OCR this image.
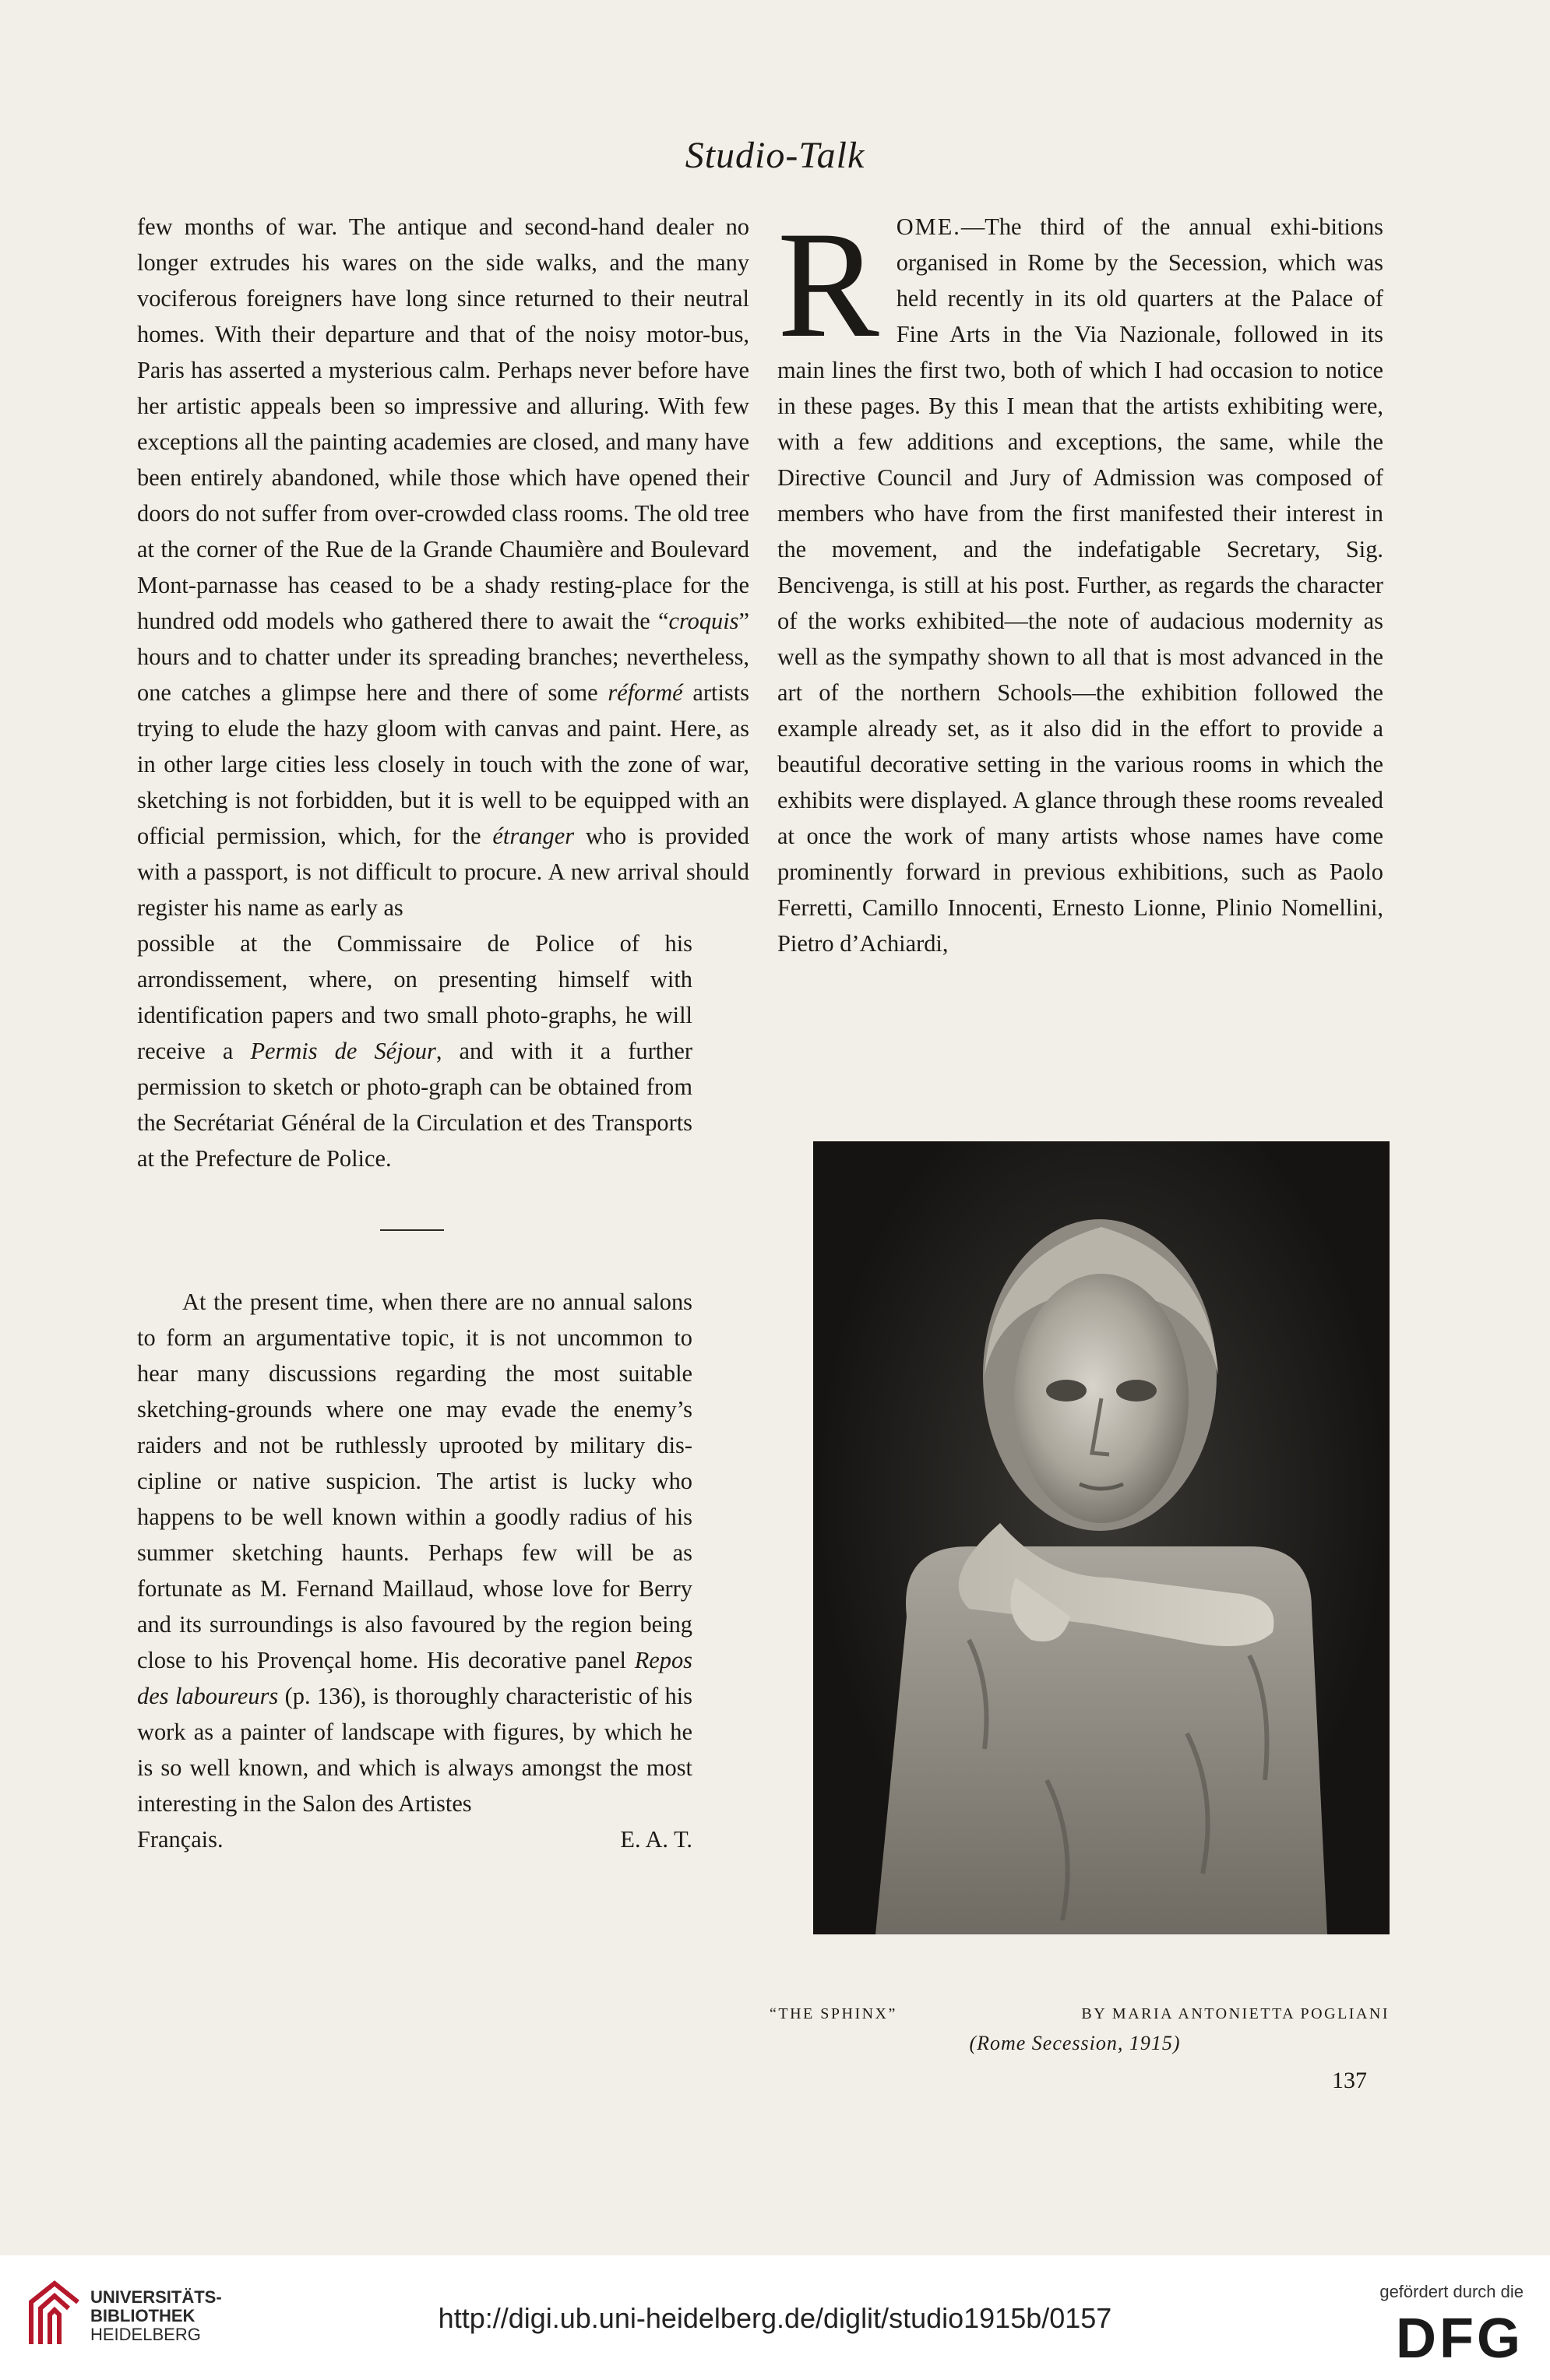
Studio-Talk

few months of war. The antique and second-hand dealer no longer extrudes his wares on the side walks, and the many vociferous foreigners have long since returned to their neutral homes. With their departure and that of the noisy motor-bus, Paris has asserted a mysterious calm. Perhaps never before have her artistic appeals been so impressive and alluring. With few exceptions all the painting academies are closed, and many have been entirely abandoned, while those which have opened their doors do not suffer from over-crowded class rooms. The old tree at the corner of the Rue de la Grande Chaumière and Boulevard Mont-parnasse has ceased to be a shady resting-place for the hundred odd models who gathered there to await the “croquis” hours and to chatter under its spreading branches; nevertheless, one catches a glimpse here and there of some réformé artists trying to elude the hazy gloom with canvas and paint. Here, as in other large cities less closely in touch with the zone of war, sketching is not forbidden, but it is well to be equipped with an official permission, which, for the étranger who is provided with a passport, is not difficult to procure. A new arrival should register his name as early as

possible at the Commissaire de Police of his arrondissement, where, on presenting himself with identification papers and two small photo-graphs, he will receive a Permis de Séjour, and with it a further permission to sketch or photo-graph can be obtained from the Secrétariat Général de la Circulation et des Transports at the Prefecture de Police.

At the present time, when there are no annual salons to form an argumentative topic, it is not uncommon to hear many discussions regarding the most suitable sketching-grounds where one may evade the enemy’s raiders and not be ruthlessly uprooted by military dis-cipline or native suspicion. The artist is lucky who happens to be well known within a goodly radius of his summer sketching haunts. Perhaps few will be as fortunate as M. Fernand Maillaud, whose love for Berry and its surroundings is also favoured by the region being close to his Provençal home. His decorative panel Repos des laboureurs (p. 136), is thoroughly characteristic of his work as a painter of landscape with figures, by which he is so well known, and which is always amongst the most interesting in the Salon des Artistes

Français.	E. A. T.

ROME.—The third of the annual exhi-bitions organised in Rome by the Secession, which was held recently in its old quarters at the Palace of Fine Arts in the Via Nazionale, followed in its main lines the first two, both of which I had occasion to notice in these pages. By this I mean that the artists exhibiting were, with a few additions and exceptions, the same, while the Directive Council and Jury of Admission was composed of members who have from the first manifested their interest in the movement, and the indefatigable Secretary, Sig. Bencivenga, is still at his post. Further, as regards the character of the works exhibited—the note of audacious modernity as well as the sympathy shown to all that is most advanced in the art of the northern Schools—the exhibition followed the example already set, as it also did in the effort to provide a beautiful decorative setting in the various rooms in which the exhibits were displayed. A glance through these rooms revealed at once the work of many artists whose names have come prominently forward in previous exhibitions, such as Paolo Ferretti, Camillo Innocenti, Ernesto Lionne, Plinio Nomellini, Pietro d’Achiardi,

“THE SPHINX”	BY MARIA ANTONIETTA POGLIANI
(Rome Secession, 1915)
137
UNIVERSITÄTS-
BIBLIOTHEK
HEIDELBERG
http://digi.ub.uni-heidelberg.de/diglit/studio1915b/0157
gefördert durch die
DFG
